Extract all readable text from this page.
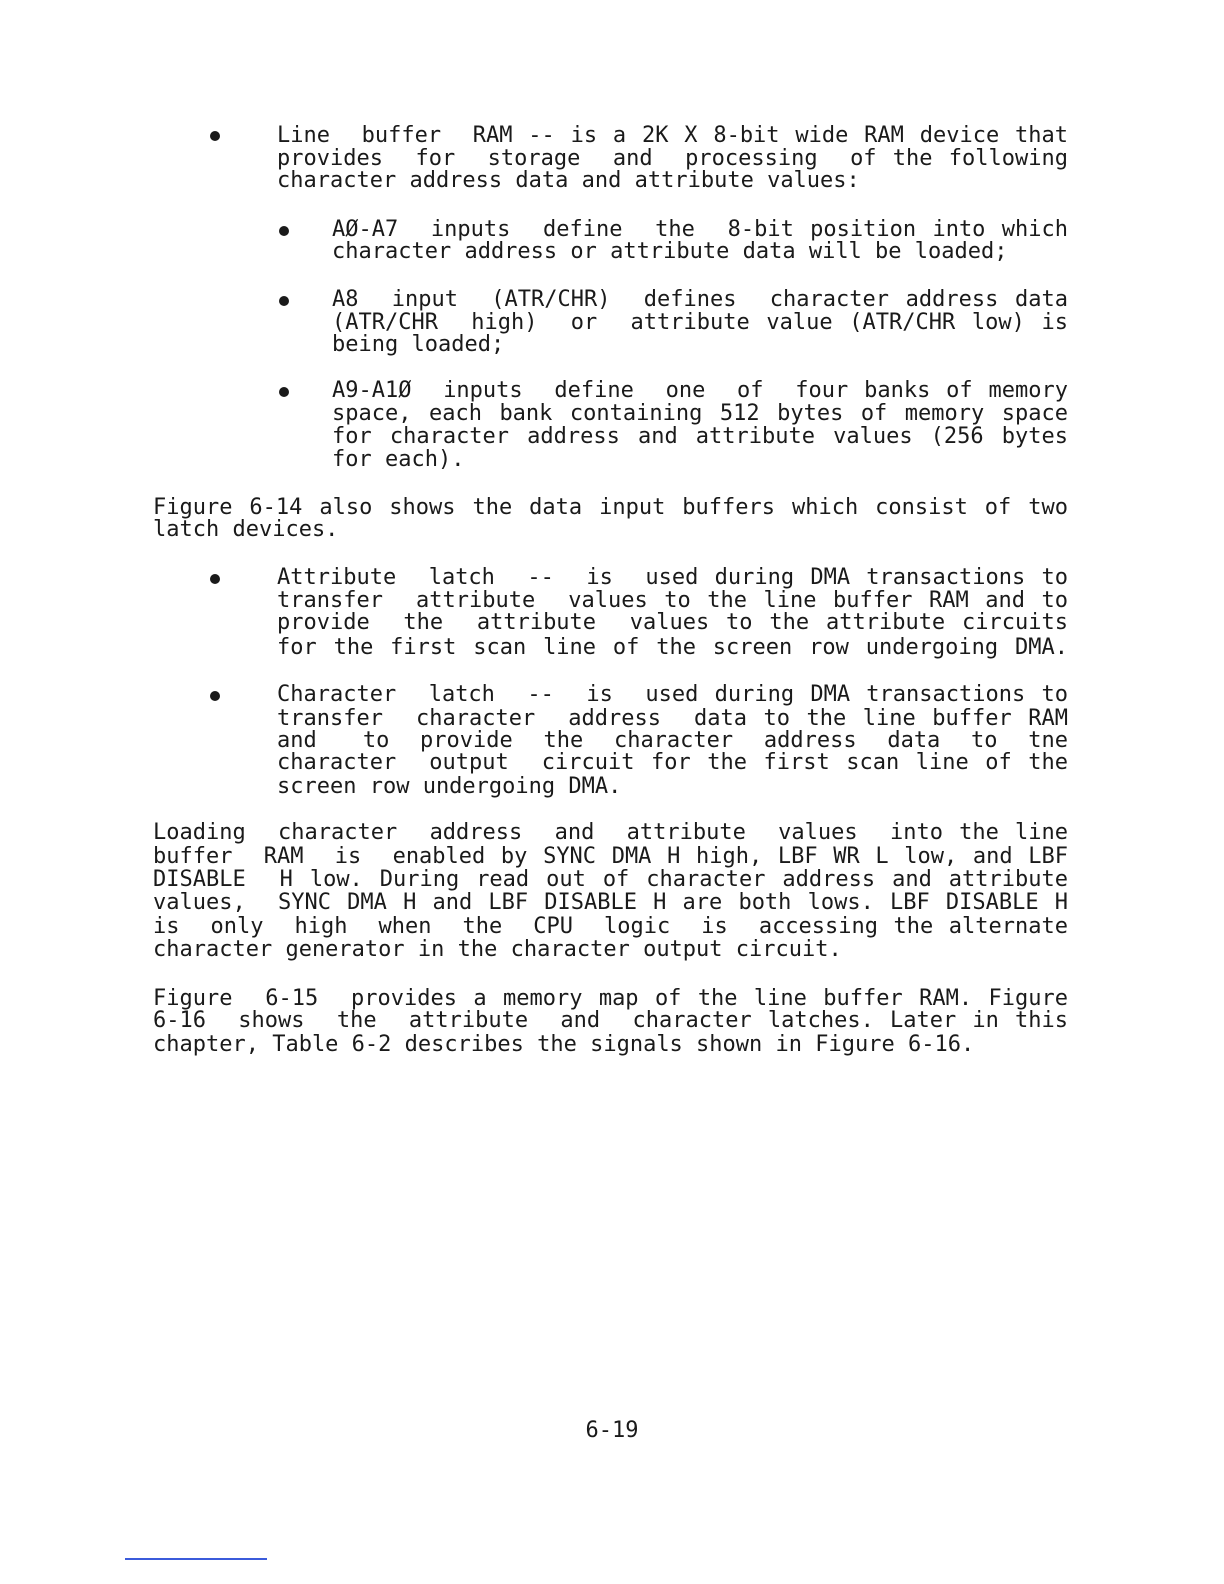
Line  buffer  RAM -- is a 2K X 8-bit wide RAM device that
provides  for  storage  and  processing  of the following
character address data and attribute values:
AØ-A7  inputs  define  the  8-bit position into which
character address or attribute data will be loaded;
A8  input  (ATR/CHR)  defines  character address data
(ATR/CHR  high)  or  attribute value (ATR/CHR low) is
being loaded;
A9-A1Ø  inputs  define  one  of  four banks of memory
space, each bank containing 512 bytes of memory space
for character address and attribute values (256 bytes
for each).
Figure 6-14 also shows the data input buffers which consist of two
latch devices.
Attribute  latch  --  is  used during DMA transactions to
transfer  attribute  values to the line buffer RAM and to
provide  the  attribute  values to the attribute circuits
for the first scan line of the screen row undergoing DMA.
Character  latch  --  is  used during DMA transactions to
transfer  character  address  data to the line buffer RAM
and   to  provide  the  character  address  data  to  tne
character  output  circuit for the first scan line of the
screen row undergoing DMA.
Loading  character  address  and  attribute  values  into the line
buffer  RAM  is  enabled by SYNC DMA H high, LBF WR L low, and LBF
DISABLE  H low. During read out of character address and attribute
values,  SYNC DMA H and LBF DISABLE H are both lows. LBF DISABLE H
is  only  high  when  the  CPU  logic  is  accessing the alternate
character generator in the character output circuit.
Figure  6-15  provides a memory map of the line buffer RAM. Figure
6-16  shows  the  attribute  and  character latches. Later in this
chapter, Table 6-2 describes the signals shown in Figure 6-16.
6-19
